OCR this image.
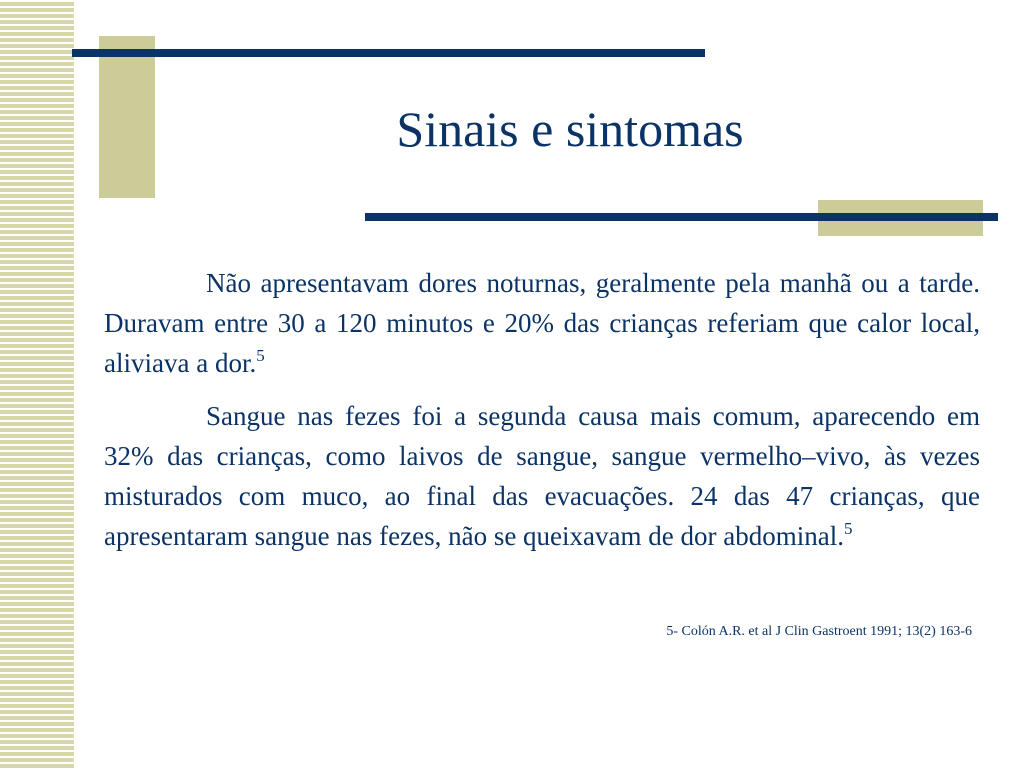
Sinais e sintomas

Não apresentavam dores noturnas, geralmente pela manhã ou a tarde. Duravam entre 30 a 120 minutos e 20% das crianças referiam que calor local, aliviava a dor.$^5$

Sangue nas fezes foi a segunda causa mais comum, aparecendo em 32% das crianças, como laivos de sangue, sangue vermelho–vivo, às vezes misturados com muco, ao final das evacuações. 24 das 47 crianças, que apresentaram sangue nas fezes, não se queixavam de dor abdominal.$^5$

5- Colón A.R. et al J Clin Gastroent 1991; 13(2) 163-6
